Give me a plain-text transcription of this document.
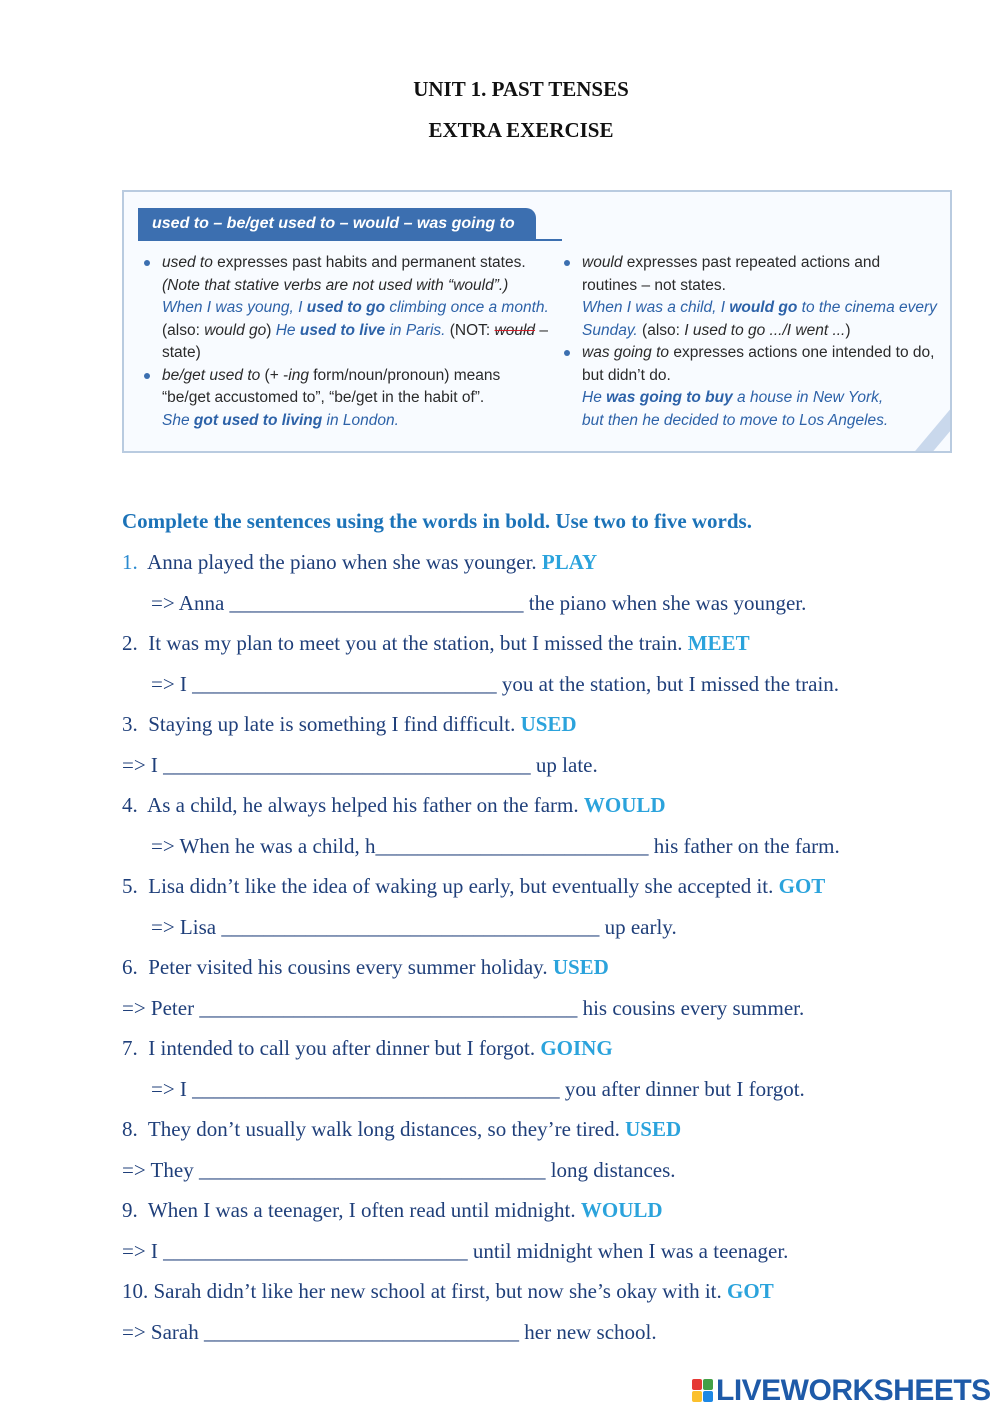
UNIT 1. PAST TENSES
EXTRA EXERCISE
used to – be/get used to – would – was going to
used to expresses past habits and permanent states.
(Note that stative verbs are not used with “would”.)
When I was young, I used to go climbing once a month.
(also: would go) He used to live in Paris. (NOT: would –
state)
be/get used to (+ -ing form/noun/pronoun) means
“be/get accustomed to”, “be/get in the habit of”.
She got used to living in London.
would expresses past repeated actions and
routines – not states.
When I was a child, I would go to the cinema every
Sunday. (also: I used to go .../I went ...)
was going to expresses actions one intended to do,
but didn’t do.
He was going to buy a house in New York,
but then he decided to move to Los Angeles.
Complete the sentences using the words in bold. Use two to five words.
1. Anna played the piano when she was younger. PLAY
=> Anna ____________________________ the piano when she was younger.
2. It was my plan to meet you at the station, but I missed the train. MEET
=> I _____________________________ you at the station, but I missed the train.
3. Staying up late is something I find difficult. USED
=> I ___________________________________ up late.
4. As a child, he always helped his father on the farm. WOULD
=> When he was a child, h__________________________ his father on the farm.
5. Lisa didn’t like the idea of waking up early, but eventually she accepted it. GOT
=> Lisa ____________________________________ up early.
6. Peter visited his cousins every summer holiday. USED
=> Peter ____________________________________ his cousins every summer.
7. I intended to call you after dinner but I forgot. GOING
=> I ___________________________________ you after dinner but I forgot.
8. They don’t usually walk long distances, so they’re tired. USED
=> They _________________________________ long distances.
9. When I was a teenager, I often read until midnight. WOULD
=> I _____________________________ until midnight when I was a teenager.
10. Sarah didn’t like her new school at first, but now she’s okay with it. GOT
=> Sarah ______________________________ her new school.
LIVEWORKSHEETS
